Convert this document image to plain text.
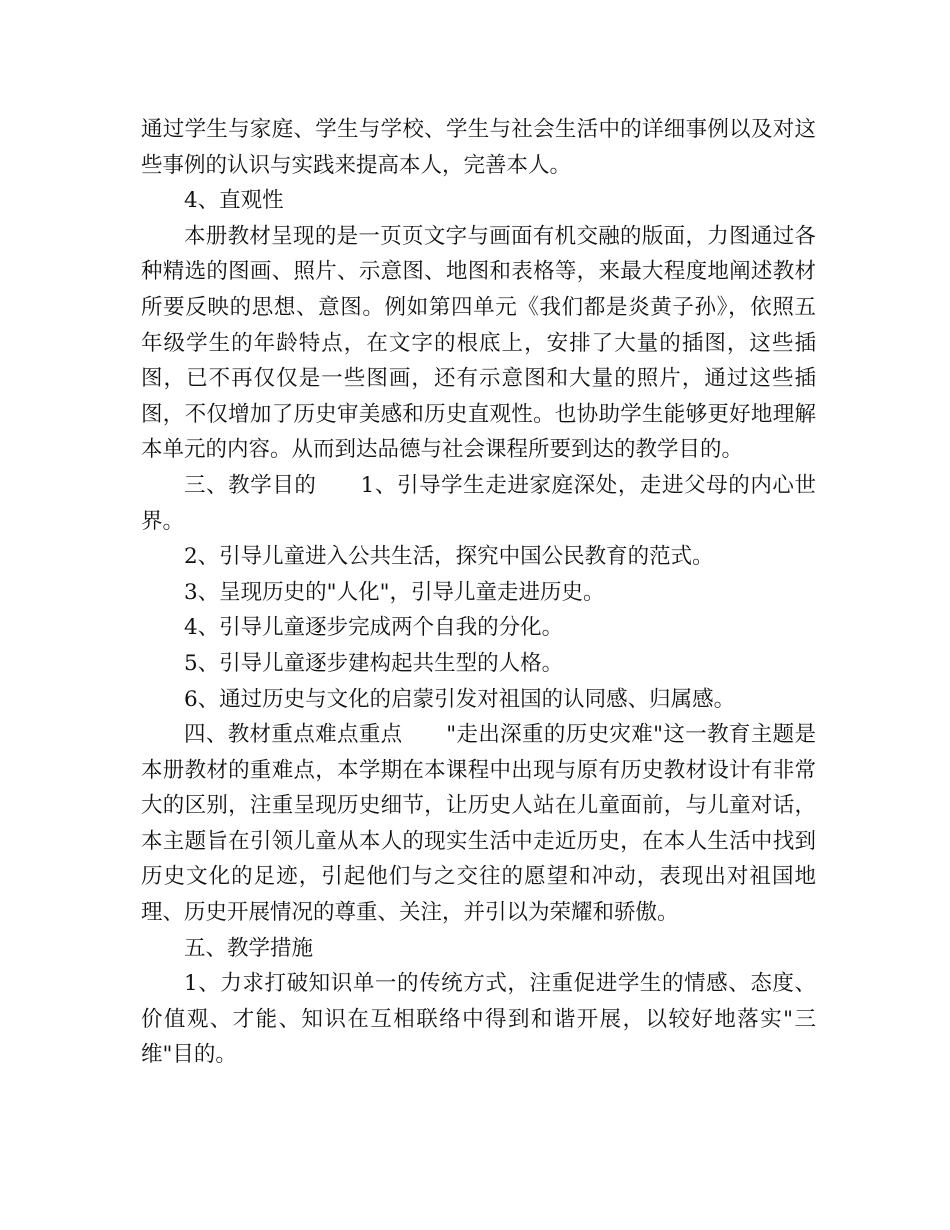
通过学生与家庭、学生与学校、学生与社会生活中的详细事例以及对这些事例的认识与实践来提高本人，完善本人。

4、直观性

本册教材呈现的是一页页文字与画面有机交融的版面，力图通过各种精选的图画、照片、示意图、地图和表格等，来最大程度地阐述教材所要反映的思想、意图。例如第四单元《我们都是炎黄子孙》，依照五年级学生的年龄特点，在文字的根底上，安排了大量的插图，这些插图，已不再仅仅是一些图画，还有示意图和大量的照片，通过这些插图，不仅增加了历史审美感和历史直观性。也协助学生能够更好地理解本单元的内容。从而到达品德与社会课程所要到达的教学目的。

三、教学目的　　1、引导学生走进家庭深处，走进父母的内心世界。

2、引导儿童进入公共生活，探究中国公民教育的范式。

3、呈现历史的"人化"，引导儿童走进历史。

4、引导儿童逐步完成两个自我的分化。

5、引导儿童逐步建构起共生型的人格。

6、通过历史与文化的启蒙引发对祖国的认同感、归属感。

四、教材重点难点重点　　"走出深重的历史灾难"这一教育主题是本册教材的重难点，本学期在本课程中出现与原有历史教材设计有非常大的区别，注重呈现历史细节，让历史人站在儿童面前，与儿童对话，本主题旨在引领儿童从本人的现实生活中走近历史，在本人生活中找到历史文化的足迹，引起他们与之交往的愿望和冲动，表现出对祖国地理、历史开展情况的尊重、关注，并引以为荣耀和骄傲。

五、教学措施

1、力求打破知识单一的传统方式，注重促进学生的情感、态度、价值观、才能、知识在互相联络中得到和谐开展，以较好地落实"三维"目的。
